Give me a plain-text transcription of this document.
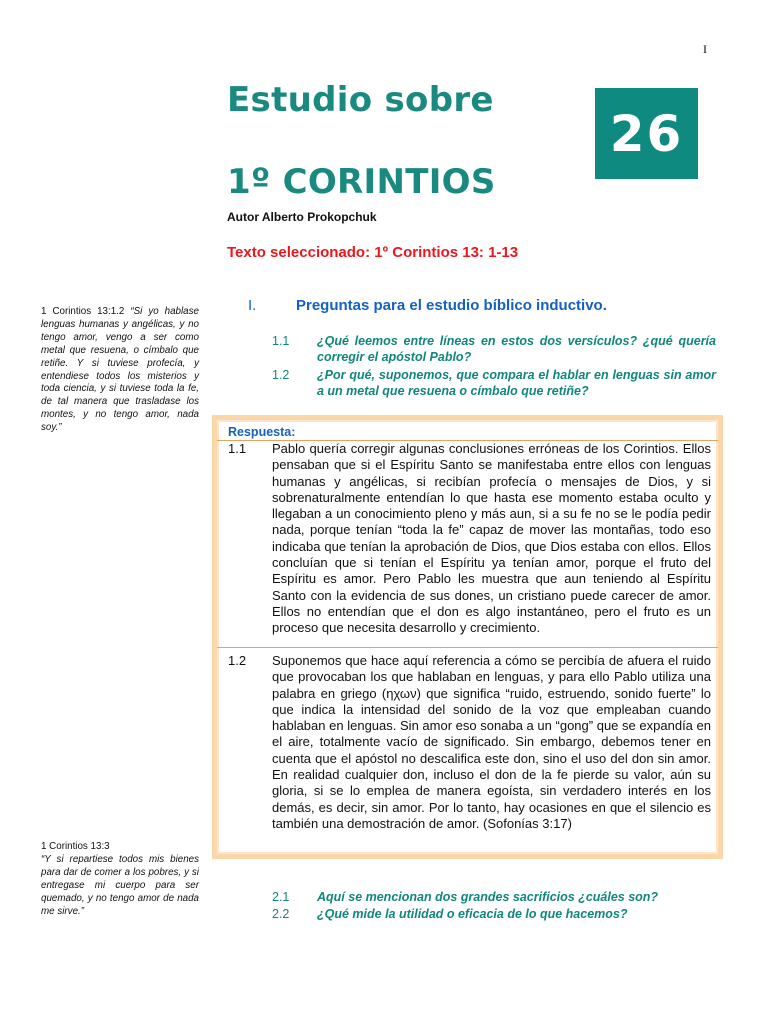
I
Estudio sobre
1º CORINTIOS
26
Autor Alberto Prokopchuk
Texto seleccionado: 1º Corintios 13: 1-13
1 Corintios 13:1.2 “Si yo hablase lenguas humanas y angélicas, y no tengo amor, vengo a ser como metal que resuena, o címbalo que retiñe. Y si tuviese profecía, y entendiese todos los misterios y toda ciencia, y si tuviese toda la fe, de tal manera que trasladase los montes, y no tengo amor, nada soy.”
I.	Preguntas para el estudio bíblico inductivo.
1.1 ¿Qué leemos entre líneas en estos dos versículos? ¿qué quería corregir el apóstol Pablo?
1.2 ¿Por qué, suponemos, que compara el hablar en lenguas sin amor a un metal que resuena o címbalo que retiñe?
Respuesta:
1.1 Pablo quería corregir algunas conclusiones erróneas de los Corintios. Ellos pensaban que si el Espíritu Santo se manifestaba entre ellos con lenguas humanas y angélicas, si recibían profecía o mensajes de Dios, y si sobrenaturalmente entendían lo que hasta ese momento estaba oculto y llegaban a un conocimiento pleno y más aun, si a su fe no se le podía pedir nada, porque tenían “toda la fe” capaz de mover las montañas, todo eso indicaba que tenían la aprobación de Dios, que Dios estaba con ellos. Ellos concluían que si tenían el Espíritu ya tenían amor, porque el fruto del Espíritu es amor. Pero Pablo les muestra que aun teniendo al Espíritu Santo con la evidencia de sus dones, un cristiano puede carecer de amor. Ellos no entendían que el don es algo instantáneo, pero el fruto es un proceso que necesita desarrollo y crecimiento.
1.2 Suponemos que hace aquí referencia a cómo se percibía de afuera el ruido que provocaban los que hablaban en lenguas, y para ello Pablo utiliza una palabra en griego (ηχων) que significa “ruido, estruendo, sonido fuerte” lo que indica la intensidad del sonido de la voz que empleaban cuando hablaban en lenguas. Sin amor eso sonaba a un “gong” que se expandía en el aire, totalmente vacío de significado. Sin embargo, debemos tener en cuenta que el apóstol no descalifica este don, sino el uso del don sin amor. En realidad cualquier don, incluso el don de la fe pierde su valor, aún su gloria, si se lo emplea de manera egoísta, sin verdadero interés en los demás, es decir, sin amor. Por lo tanto, hay ocasiones en que el silencio es también una demostración de amor. (Sofonías 3:17)
1 Corintios 13:3
“Y si repartiese todos mis bienes para dar de comer a los pobres, y si entregase mi cuerpo para ser quemado, y no tengo amor de nada me sirve.”
2.1 Aquí se mencionan dos grandes sacrificios ¿cuáles son?
2.2 ¿Qué mide la utilidad o eficacia de lo que hacemos?
